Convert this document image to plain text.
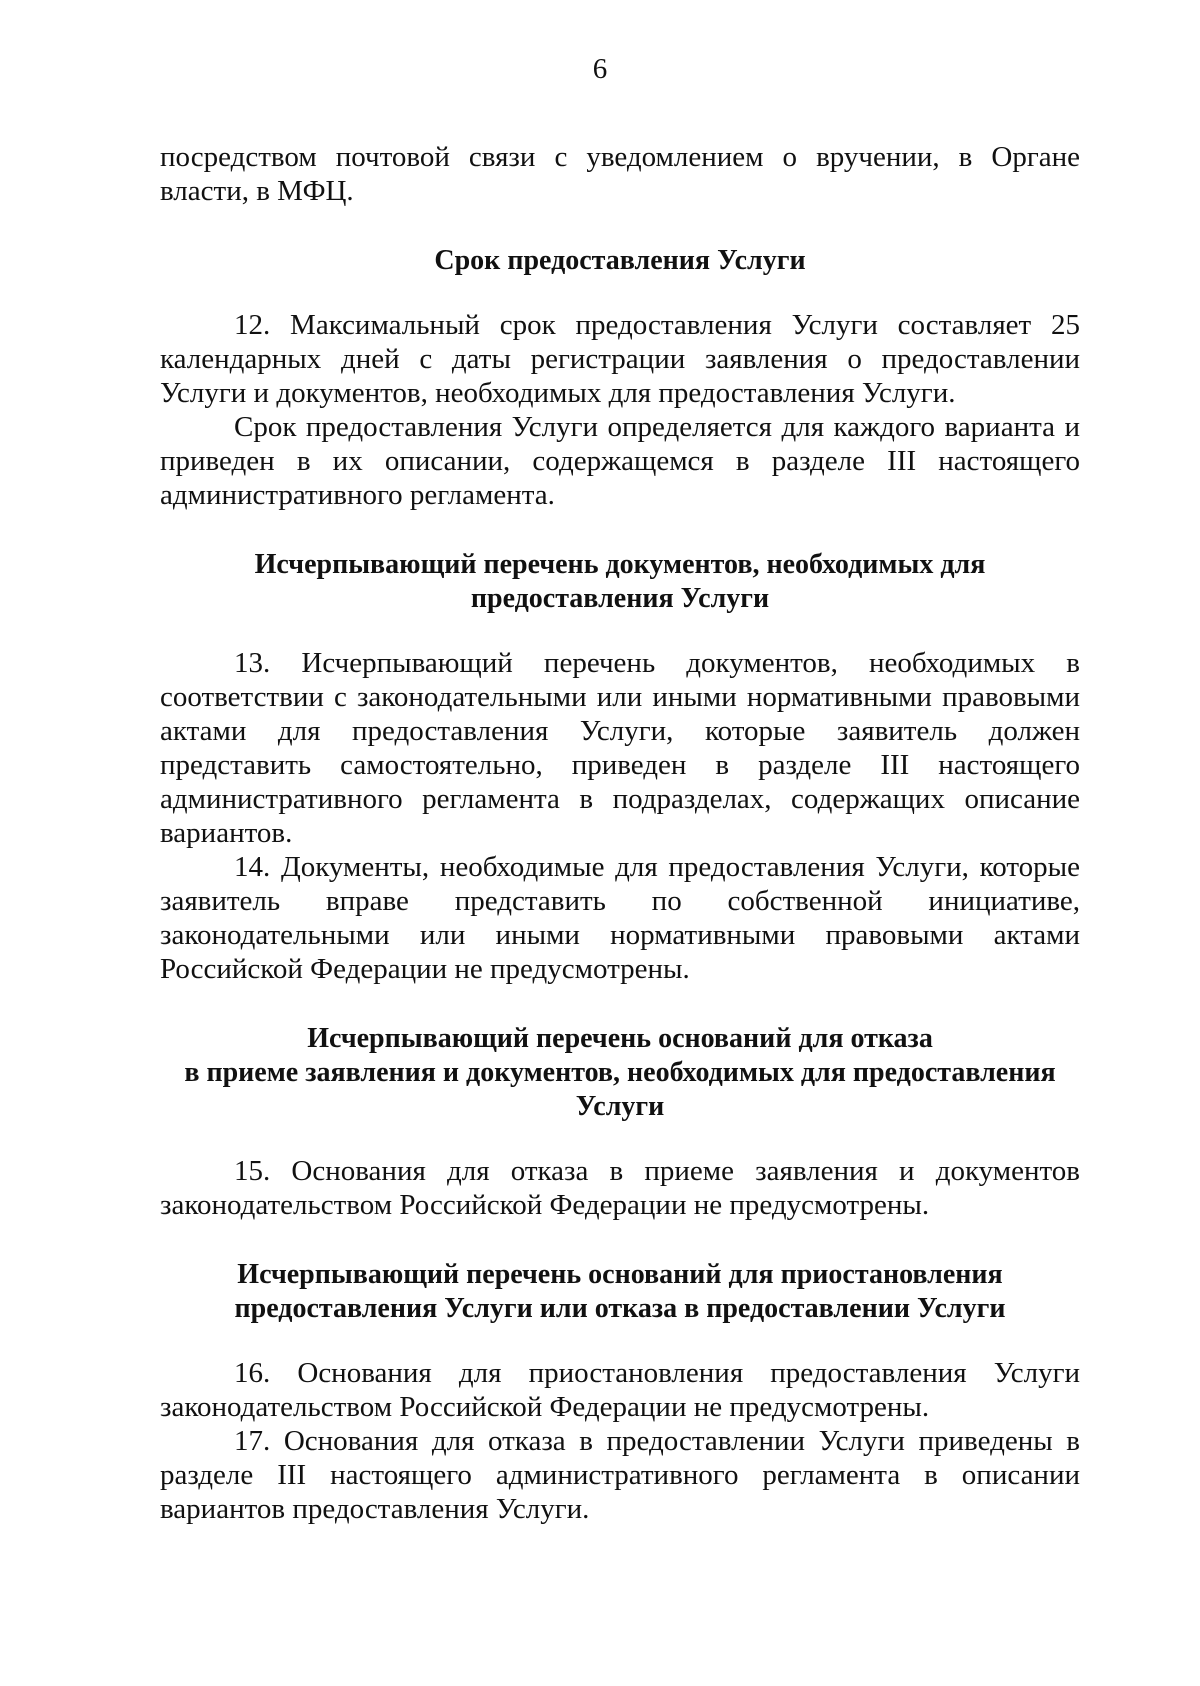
6

посредством почтовой связи с уведомлением о вручении, в Органе власти, в МФЦ.

Срок предоставления Услуги

12. Максимальный срок предоставления Услуги составляет 25 календарных дней с даты регистрации заявления о предоставлении Услуги и документов, необходимых для предоставления Услуги.

Срок предоставления Услуги определяется для каждого варианта и приведен в их описании, содержащемся в разделе III настоящего административного регламента.

Исчерпывающий перечень документов, необходимых для
предоставления Услуги

13. Исчерпывающий перечень документов, необходимых в соответствии с законодательными или иными нормативными правовыми актами для предоставления Услуги, которые заявитель должен представить самостоятельно, приведен в разделе III настоящего административного регламента в подразделах, содержащих описание вариантов.

14. Документы, необходимые для предоставления Услуги, которые заявитель вправе представить по собственной инициативе, законодательными или иными нормативными правовыми актами Российской Федерации не предусмотрены.

Исчерпывающий перечень оснований для отказа
в приеме заявления и документов, необходимых для предоставления
Услуги

15. Основания для отказа в приеме заявления и документов законодательством Российской Федерации не предусмотрены.

Исчерпывающий перечень оснований для приостановления
предоставления Услуги или отказа в предоставлении Услуги

16. Основания для приостановления предоставления Услуги законодательством Российской Федерации не предусмотрены.

17. Основания для отказа в предоставлении Услуги приведены в разделе III настоящего административного регламента в описании вариантов предоставления Услуги.
